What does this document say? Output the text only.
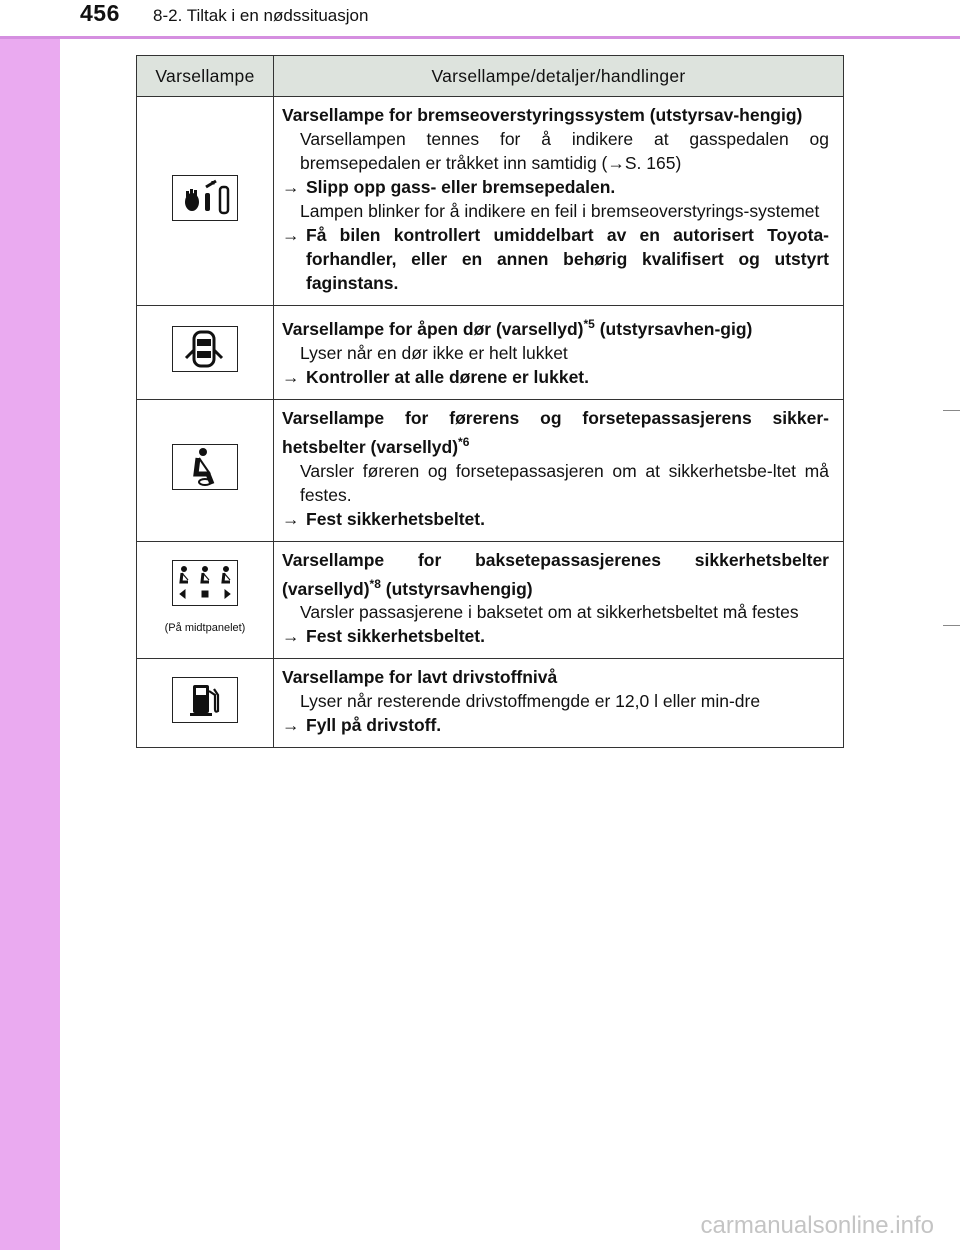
456 8-2. Tiltak i en nødssituasjon
Varsellampe	Varsellampe/detaljer/handlinger

Varsellampe for bremseoverstyringssystem (utstyrsav-hengig)
Varsellampen tennes for å indikere at gasspedalen og bremsepedalen er tråkket inn samtidig (→S. 165)
→ Slipp opp gass- eller bremsepedalen.
Lampen blinker for å indikere en feil i bremseoverstyrings-systemet
→ Få bilen kontrollert umiddelbart av en autorisert Toyota-forhandler, eller en annen behørig kvalifisert og utstyrt faginstans.

Varsellampe for åpen dør (varsellyd)$^{*5}$ (utstyrsavhen-gig)
Lyser når en dør ikke er helt lukket
→ Kontroller at alle dørene er lukket.

Varsellampe for førerens og forsetepassasjerens sikker-hetsbelter (varsellyd)$^{*6}$
Varsler føreren og forsetepassasjeren om at sikkerhetsbe-ltet må festes.
→ Fest sikkerhetsbeltet.

(På midtpanelet)	Varsellampe for baksetepassasjerenes sikkerhetsbelter (varsellyd)$^{*8}$ (utstyrsavhengig)
Varsler passasjerene i baksetet om at sikkerhetsbeltet må festes
→ Fest sikkerhetsbeltet.

Varsellampe for lavt drivstoffnivå
Lyser når resterende drivstoffmengde er 12,0 l eller min-dre
→ Fyll på drivstoff.
carmanualsonline.info
